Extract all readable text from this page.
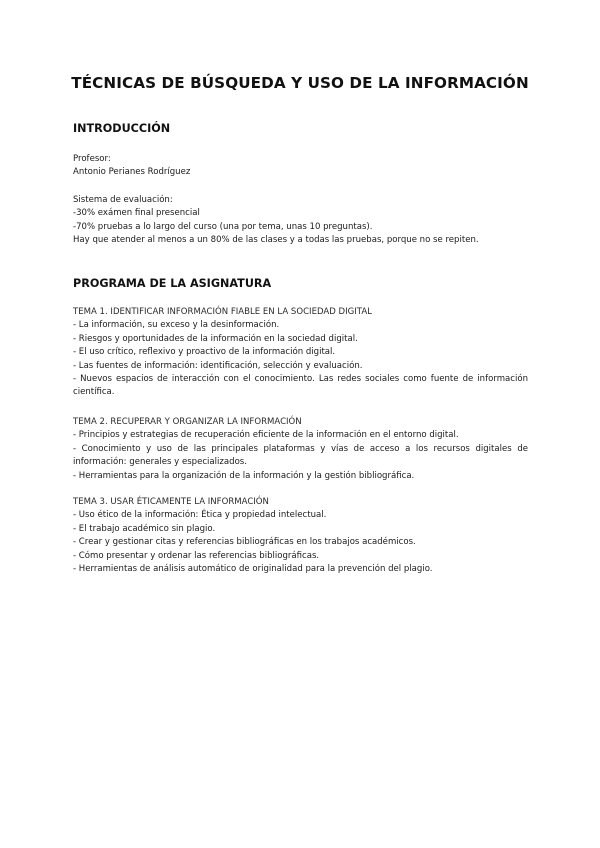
TÉCNICAS DE BÚSQUEDA Y USO DE LA INFORMACIÓN
INTRODUCCIÓN

Profesor:

Antonio Perianes Rodríguez

Sistema de evaluación:

-30% exámen final presencial

-70% pruebas a lo largo del curso (una por tema, unas 10 preguntas).

Hay que atender al menos a un 80% de las clases y a todas las pruebas, porque no se repiten.

PROGRAMA DE LA ASIGNATURA

TEMA 1. IDENTIFICAR INFORMACIÓN FIABLE EN LA SOCIEDAD DIGITAL

- La información, su exceso y la desinformación.

- Riesgos y oportunidades de la información en la sociedad digital.

- El uso crítico, reflexivo y proactivo de la información digital.

- Las fuentes de información: identificación, selección y evaluación.

- Nuevos espacios de interacción con el conocimiento. Las redes sociales como fuente de información científica.

TEMA 2. RECUPERAR Y ORGANIZAR LA INFORMACIÓN

- Principios y estrategias de recuperación eficiente de la información en el entorno digital.

- Conocimiento y uso de las principales plataformas y vías de acceso a los recursos digitales de información: generales y especializados.

- Herramientas para la organización de la información y la gestión bibliográfica.

TEMA 3. USAR ÉTICAMENTE LA INFORMACIÓN

- Uso ético de la información: Ética y propiedad intelectual.

- El trabajo académico sin plagio.

- Crear y gestionar citas y referencias bibliográficas en los trabajos académicos.

- Cómo presentar y ordenar las referencias bibliográficas.

- Herramientas de análisis automático de originalidad para la prevención del plagio.
